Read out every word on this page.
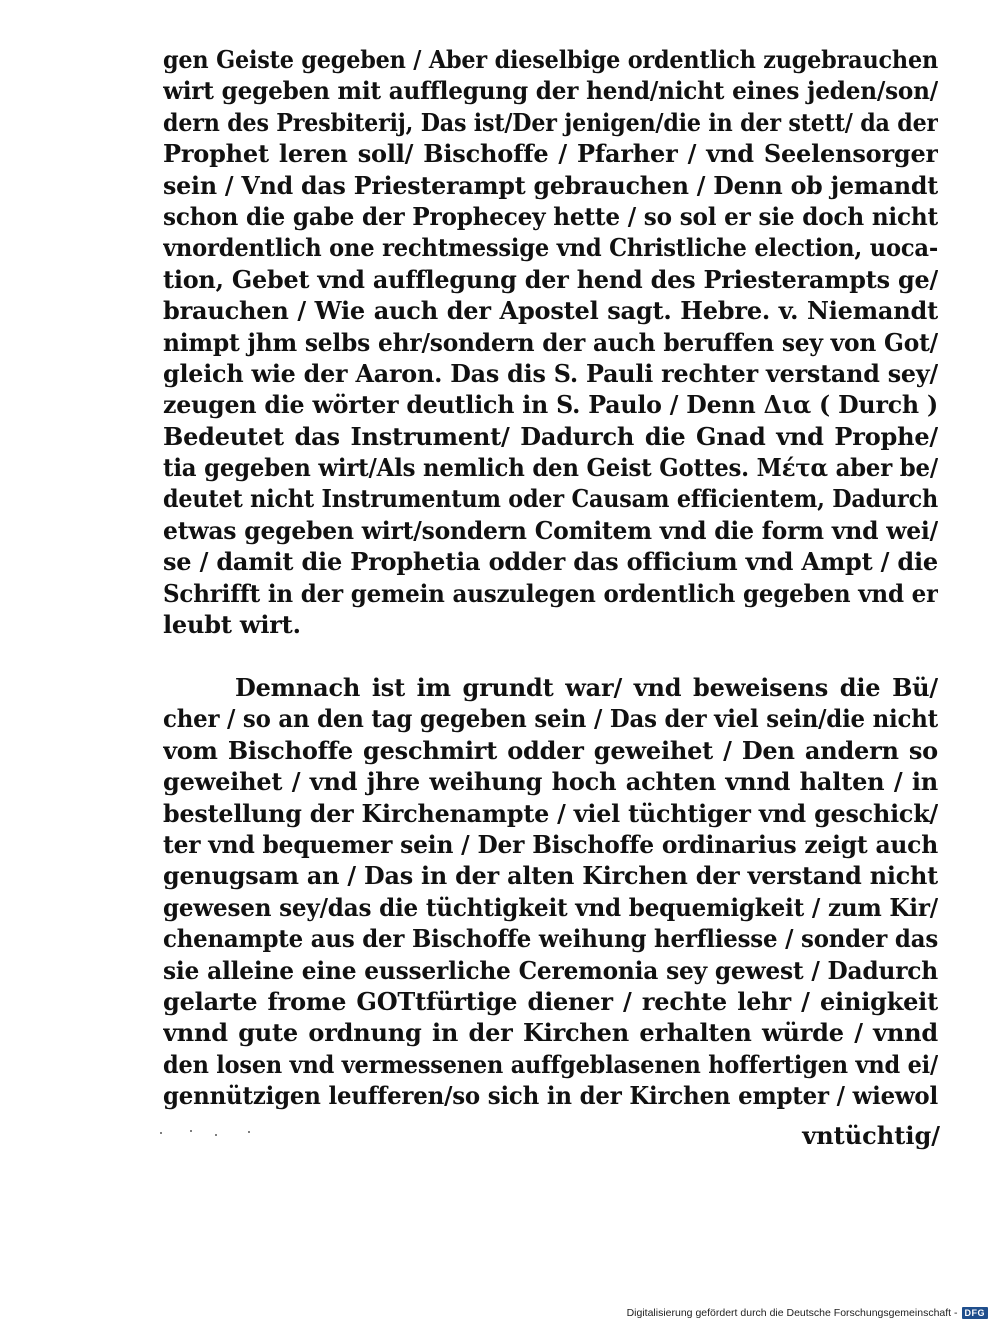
gen Geiste gegeben / Aber dieselbige ordentlich zugebrauchen
wirt gegeben mit aufflegung der hend/nicht eines jeden/son/
dern des Presbiterij, Das ist/Der jenigen/die in der stett/ da der
Prophet leren soll/ Bischoffe / Pfarher / vnd Seelensorger
sein / Vnd das Priesterampt gebrauchen / Denn ob jemandt
schon die gabe der Prophecey hette / so sol er sie doch nicht
vnordentlich one rechtmessige vnd Christliche election, uoca-
tion, Gebet vnd aufflegung der hend des Priesterampts ge/
brauchen / Wie auch der Apostel sagt. Hebre. v. Niemandt
nimpt jhm selbs ehr/sondern der auch beruffen sey von Got/
gleich wie der Aaron. Das dis S. Pauli rechter verstand sey/
zeugen die wörter deutlich in S. Paulo / Denn Δια ( Durch )
Bedeutet das Instrument/ Dadurch die Gnad vnd Prophe/
tia gegeben wirt/Als nemlich den Geist Gottes. Μέτα aber be/
deutet nicht Instrumentum oder Causam efficientem, Dadurch
etwas gegeben wirt/sondern Comitem vnd die form vnd wei/
se / damit die Prophetia odder das officium vnd Ampt / die
Schrifft in der gemein auszulegen ordentlich gegeben vnd er
leubt wirt.
Demnach ist im grundt war/ vnd beweisens die Bü/
cher / so an den tag gegeben sein / Das der viel sein/die nicht
vom Bischoffe geschmirt odder geweihet / Den andern so
geweihet / vnd jhre weihung hoch achten vnnd halten / in
bestellung der Kirchenampte / viel tüchtiger vnd geschick/
ter vnd bequemer sein / Der Bischoffe ordinarius zeigt auch
genugsam an / Das in der alten Kirchen der verstand nicht
gewesen sey/das die tüchtigkeit vnd bequemigkeit / zum Kir/
chenampte aus der Bischoffe weihung herfliesse / sonder das
sie alleine eine eusserliche Ceremonia sey gewest / Dadurch
gelarte frome GOTtfürtige diener / rechte lehr / einigkeit
vnnd gute ordnung in der Kirchen erhalten würde / vnnd
den losen vnd vermessenen auffgeblasenen hoffertigen vnd ei/
gennützigen leufferen/so sich in der Kirchen empter / wiewol
vntüchtig/
Digitalisierung gefördert durch die Deutsche Forschungsgemeinschaft - DFG
